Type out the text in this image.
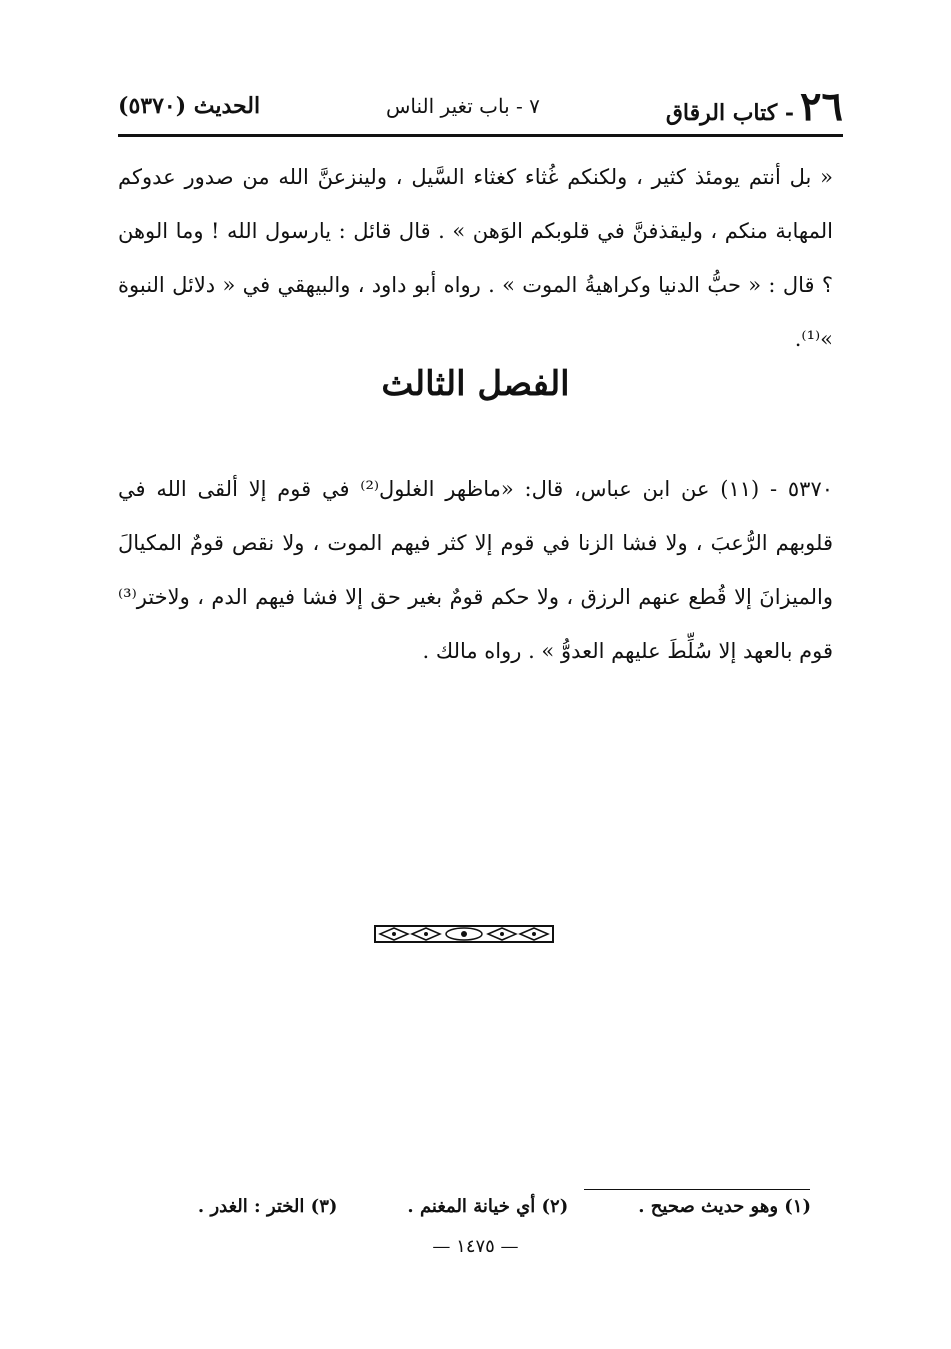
٢٦- كتاب الرقاق
٧ - باب تغير الناس
الحديث (٥٣٧٠)
« بل أنتم يومئذ كثير ، ولكنكم غُثاء كغثاء السَّيل ، ولينزعنَّ الله من صدور عدوكم المهابة منكم ، وليقذفنَّ في قلوبكم الوَهن » . قال قائل : يارسول الله ! وما الوهن ؟ قال : « حبُّ الدنيا وكراهيةُ الموت » . رواه أبو داود ، والبيهقي في « دلائل النبوة »⁽¹⁾.
الفصل الثالث
٥٣٧٠ - (١١) عن ابن عباس، قال: «ماظهر الغلول⁽²⁾ في قوم إلا ألقى الله في قلوبهم الرُّعبَ ، ولا فشا الزنا في قوم إلا كثر فيهم الموت ، ولا نقص قومٌ المكيالَ والميزانَ إلا قُطع عنهم الرزق ، ولا حكم قومٌ بغير حق إلا فشا فيهم الدم ، ولاختر⁽³⁾ قوم بالعهد إلا سُلِّطَ عليهم العدوُّ » . رواه مالك .
(١) وهو حديث صحيح .
(٢) أي خيانة المغنم .
(٣) الختر : الغدر .
— ١٤٧٥ —
